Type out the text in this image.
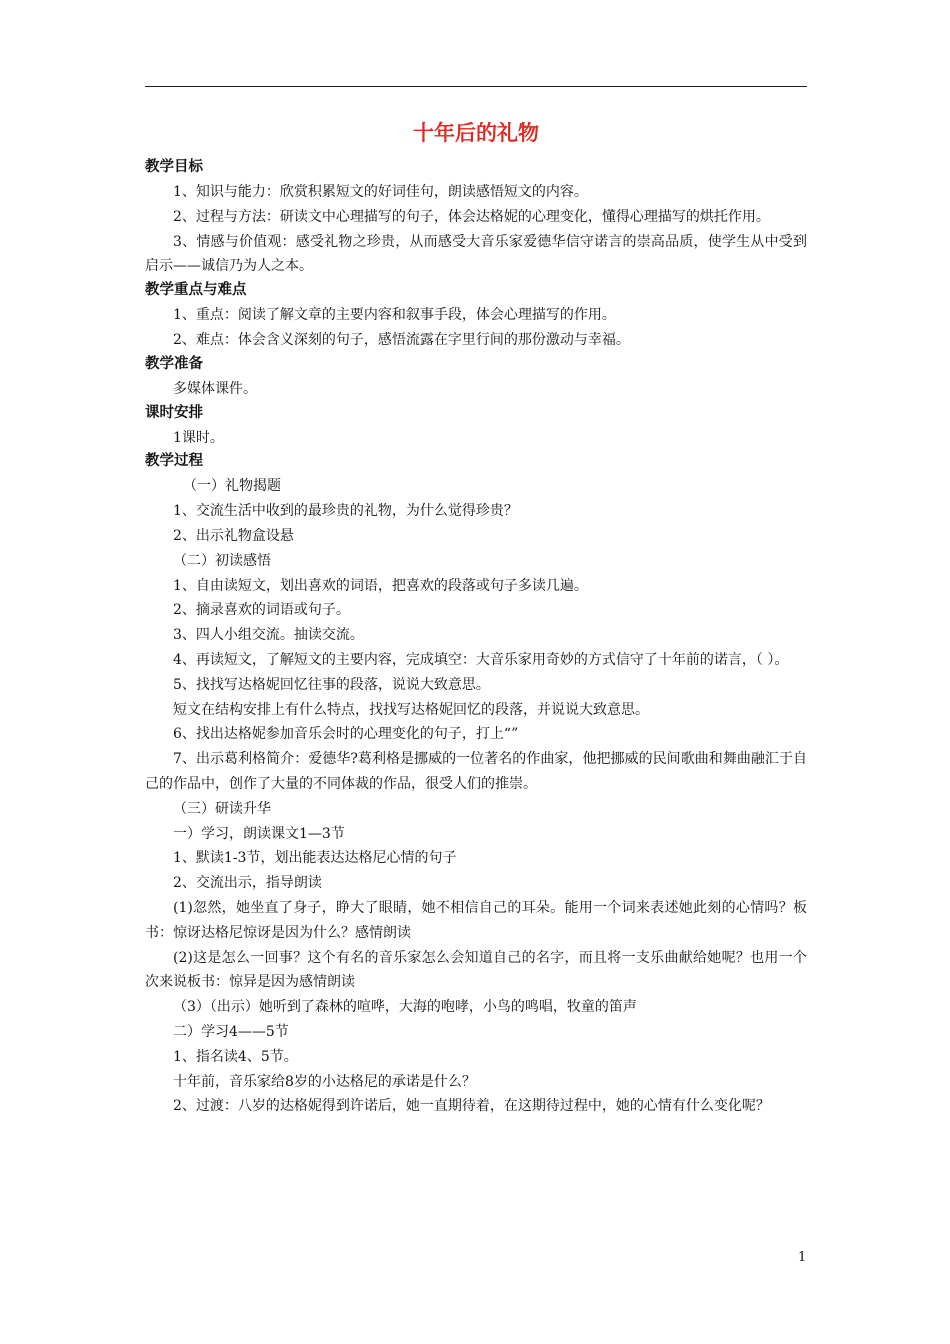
十年后的礼物
教学目标

1、知识与能力：欣赏积累短文的好词佳句，朗读感悟短文的内容。

2、过程与方法：研读文中心理描写的句子，体会达格妮的心理变化，懂得心理描写的烘托作用。

3、情感与价值观：感受礼物之珍贵，从而感受大音乐家爱德华信守诺言的崇高品质，使学生从中受到启示——诚信乃为人之本。

教学重点与难点

1、重点：阅读了解文章的主要内容和叙事手段，体会心理描写的作用。

2、难点：体会含义深刻的句子，感悟流露在字里行间的那份激动与幸福。

教学准备

多媒体课件。

课时安排

1课时。

教学过程

（一）礼物揭题

1、交流生活中收到的最珍贵的礼物，为什么觉得珍贵？

2、出示礼物盒设悬

（二）初读感悟

1、自由读短文，划出喜欢的词语，把喜欢的段落或句子多读几遍。

2、摘录喜欢的词语或句子。

3、四人小组交流。抽读交流。

4、再读短文，了解短文的主要内容，完成填空：大音乐家用奇妙的方式信守了十年前的诺言，（ ）。

5、找找写达格妮回忆往事的段落，说说大致意思。

短文在结构安排上有什么特点，找找写达格妮回忆的段落，并说说大致意思。

6、找出达格妮参加音乐会时的心理变化的句子，打上“”

7、出示葛利格简介：爱德华?葛利格是挪威的一位著名的作曲家，他把挪威的民间歌曲和舞曲融汇于自己的作品中，创作了大量的不同体裁的作品，很受人们的推崇。

（三）研读升华

一）学习，朗读课文1—3节

1、默读1-3节，划出能表达达格尼心情的句子

2、交流出示，指导朗读

(1)忽然，她坐直了身子，睁大了眼睛，她不相信自己的耳朵。能用一个词来表述她此刻的心情吗？板书：惊讶达格尼惊讶是因为什么？感情朗读

(2)这是怎么一回事？这个有名的音乐家怎么会知道自己的名字，而且将一支乐曲献给她呢？也用一个次来说板书：惊异是因为感情朗读

（3）（出示）她听到了森林的喧哗，大海的咆哮，小鸟的鸣唱，牧童的笛声

二）学习4——5节

1、指名读4、5节。

十年前，音乐家给8岁的小达格尼的承诺是什么？

2、过渡：八岁的达格妮得到许诺后，她一直期待着，在这期待过程中，她的心情有什么变化呢？

1
